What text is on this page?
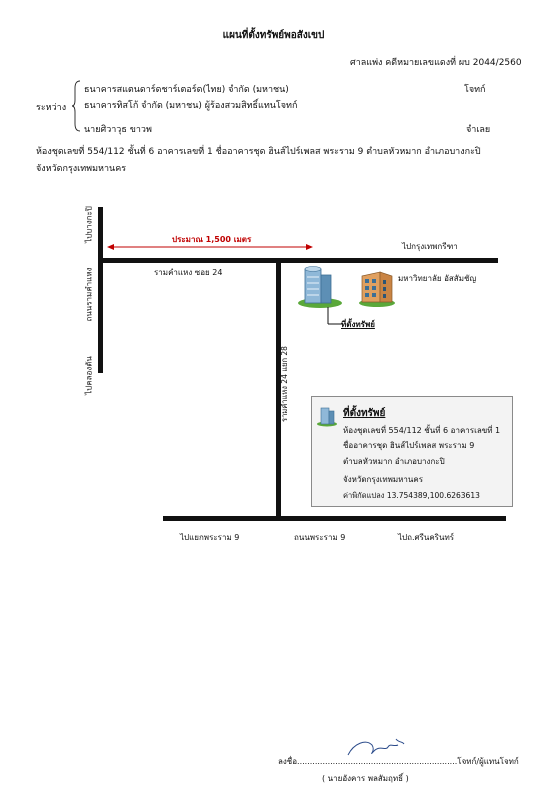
แผนที่ตั้งทรัพย์พอสังเขป
ศาลแพ่ง คดีหมายเลขแดงที่ ผบ 2044/2560
ระหว่าง
ธนาคารสแตนดาร์ดชาร์เตอร์ด(ไทย) จำกัด (มหาชน)	โจทก์
ธนาคารทิสโก้ จำกัด (มหาชน) ผู้ร้องสวมสิทธิ์แทนโจทก์
นายศิวาวุธ ขาวพ	จำเลย
ห้องชุดเลขที่ 554/112 ชั้นที่ 6 อาคารเลขที่ 1 ชื่ออาคารชุด ฮินส์ไปร์เพลส พระราม 9 ตำบลหัวหมาก อำเภอบางกะปิ
จังหวัดกรุงเทพมหานคร
ประมาณ 1,500 เมตร
ไปบางกะปิ
ถนนรามคำแหง
ไปคลองตัน	รามคำแหง 24 แยก 28
ไปกรุงเทพกรีฑา
รามคำแหง ซอย 24
ไปแยกพระราม 9	ถนนพระราม 9	ไปถ.ศรีนครินทร์
มหาวิทยาลัย อัสสัมชัญ
ที่ตั้งทรัพย์
ที่ตั้งทรัพย์
ห้องชุดเลขที่ 554/112 ชั้นที่ 6 อาคารเลขที่ 1
ชื่ออาคารชุด ฮินส์ไปร์เพลส พระราม 9
ตำบลหัวหมาก อำเภอบางกะปิ
จังหวัดกรุงเทพมหานคร
ค่าพิกัดแปลง 13.754389,100.6263613
ลงชื่อ...............................................................โจทก์/ผู้แทนโจทก์
( นายอังคาร พลสัมฤทธิ์ )
